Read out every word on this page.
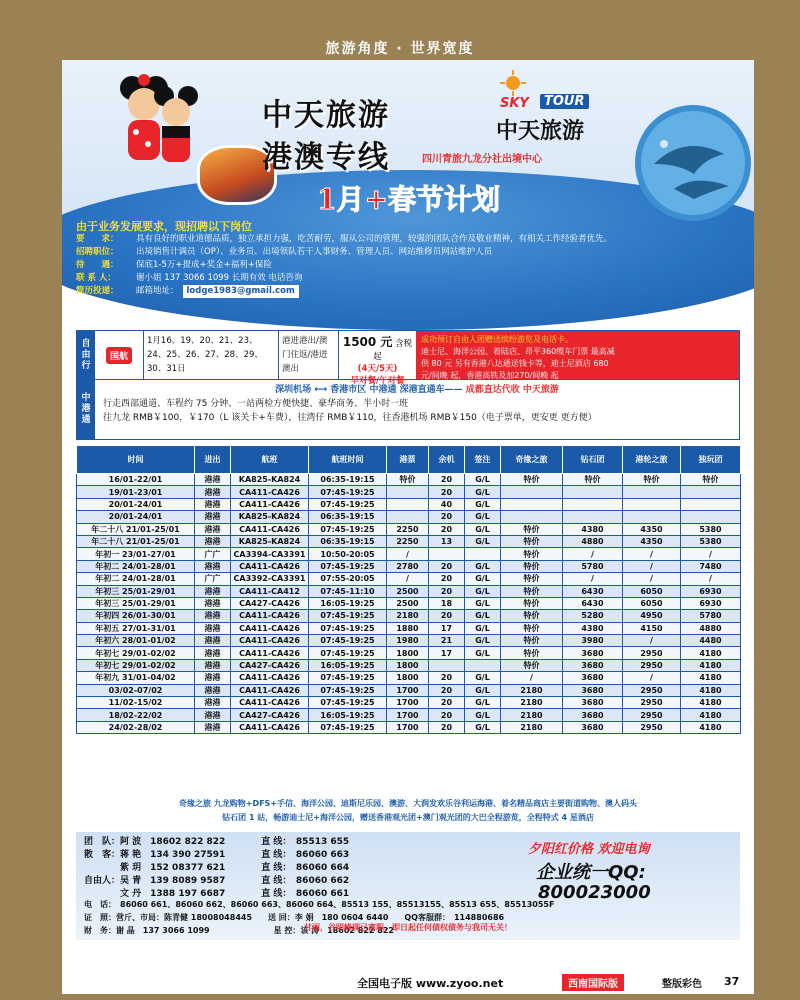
旅游角度 · 世界宽度
中天旅游
港澳专线
1月+春节计划
SKY	TOUR
中天旅游
四川青旅九龙分社出境中心
由于业务发展要求，现招聘以下岗位
要　　求：	具有良好的职业道德品质，独立承担力强，吃苦耐劳，服从公司的管理，较强的团队合作及敬业精神，有相关工作经验者优先。
招聘职位：	出境销售计调员（OP）、业务员、出境领队若干人事财务、管理人员、网站维修员网站维护人员
待　　遇：	保底1-5万+提成+奖金+福利+保险
联 系 人：	谢小姐 137 3066 1099 长期有效 电话咨询
简历投递：	邮箱地址： lodge1983@gmail.com
自
由
行
国航
1月16、19、20、21、23、24、25、26、27、28、29、30、31日
港进港出/澳门住返/港进澳出
1500 元 含税起
(4天/5天)
早对餐/午对餐
成功预订自由人团赠送缤纷游览及电话卡。
迪士尼、海洋公园、着陆店、昂平360缆车门票 最高减
供 80 元 另有香港八达通送钱卡等，迪士尼酒店 680
元/间晚 起，香港高铁及加270/间晚 起
中
港
通
深圳机场 ⟷ 香港市区 中港通 深港直通车—— 成都直达代收 中天旅游
行走西部通道、车程约 75 分钟、一站两检方便快捷、豪华商务、半小时一班
往九龙 RMB￥100，￥170（L 该关卡+车费），往湾仔 RMB￥110，往香港机场 RMB￥150（电子票单，更安更 更方便）
时间	进出	航班	航班时间	港票	余机	签注	奇缘之旅	钻石团	港轮之旅	独玩团
16/01-22/01	港港	KA825-KA824	06:35-19:15	特价	20	G/L	特价	特价	特价	特价
19/01-23/01	港港	CA411-CA426	07:45-19:25		20	G/L				
20/01-24/01	港港	CA411-CA426	07:45-19:25		40	G/L				
20/01-24/01	港港	KA825-KA824	06:35-19:15		20	G/L				
年二十八 21/01-25/01	港港	CA411-CA426	07:45-19:25	2250	20	G/L	特价	4380	4350	5380
年二十八 21/01-25/01	港港	KA825-KA824	06:35-19:15	2250	13	G/L	特价	4880	4350	5380
年初一 23/01-27/01	广广	CA3394-CA3391	10:50-20:05	/			特价	/	/	/
年初二 24/01-28/01	港港	CA411-CA426	07:45-19:25	2780	20	G/L	特价	5780	/	7480
年初二 24/01-28/01	广广	CA3392-CA3391	07:55-20:05	/	20	G/L	特价	/	/	/
年初三 25/01-29/01	港港	CA411-CA412	07:45-11:10	2500	20	G/L	特价	6430	6050	6930
年初三 25/01-29/01	港港	CA427-CA426	16:05-19:25	2500	18	G/L	特价	6430	6050	6930
年初四 26/01-30/01	港港	CA411-CA426	07:45-19:25	2180	20	G/L	特价	5280	4950	5780
年初五 27/01-31/01	港港	CA411-CA426	07:45-19:25	1880	17	G/L	特价	4380	4150	4880
年初六 28/01-01/02	港港	CA411-CA426	07:45-19:25	1980	21	G/L	特价	3980	/	4480
年初七 29/01-02/02	港港	CA411-CA426	07:45-19:25	1800	17	G/L	特价	3680	2950	4180
年初七 29/01-02/02	港港	CA427-CA426	16:05-19:25	1800			特价	3680	2950	4180
年初九 31/01-04/02	港港	CA411-CA426	07:45-19:25	1800	20	G/L	/	3680	/	4180
03/02-07/02	港港	CA411-CA426	07:45-19:25	1700	20	G/L	2180	3680	2950	4180
11/02-15/02	港港	CA411-CA426	07:45-19:25	1700	20	G/L	2180	3680	2950	4180
18/02-22/02	港港	CA427-CA426	16:05-19:25	1700	20	G/L	2180	3680	2950	4180
24/02-28/02	港港	CA411-CA426	07:45-19:25	1700	20	G/L	2180	3680	2950	4180
奇缘之旅 九龙购物+DFS+手信、海洋公园、迪斯尼乐园、澳游、大润发欢乐谷利运海港、着名精品商店主要街道购物、澳人码头
钻石团 1 站，畅游迪士尼+海洋公园，赠送香港观光团+澳门观光团的大巴全程游览，全程特式 4 星酒店
团　队：阿 波　18602 822 822　　　　直 线：　85513 655
散　客：蒋 艳　134 390 27591　　　　直 线：　86060 663
　　　　紫 玥　152 08377 621　　　　直 线：　86060 664
自由人：吴 青　139 8089 9587　　　　直 线：　86060 662
　　　　文 丹　1388 197 6687　　　　直 线：　86060 661
电　话：　86060 661、86060 662、86060 663、86060 664、85513 155、85513155、85513 655、85513055F
证　照：营斤、市局：陈青健 18008048445　　送 回：李 娟　180 0604 6440　　QQ客服群：　114880686
财　务：谢 晶　137 3066 1099　　　　　　　　星 控：该 涛　18602 822 822
夕阳红价格 欢迎电询
企业统一QQ:
800023000
甘丽，谷明峰现已离职，即日起任何债权债务与我司无关！
全国电子版 www.zyoo.net	西南国际版	整版彩色 37
